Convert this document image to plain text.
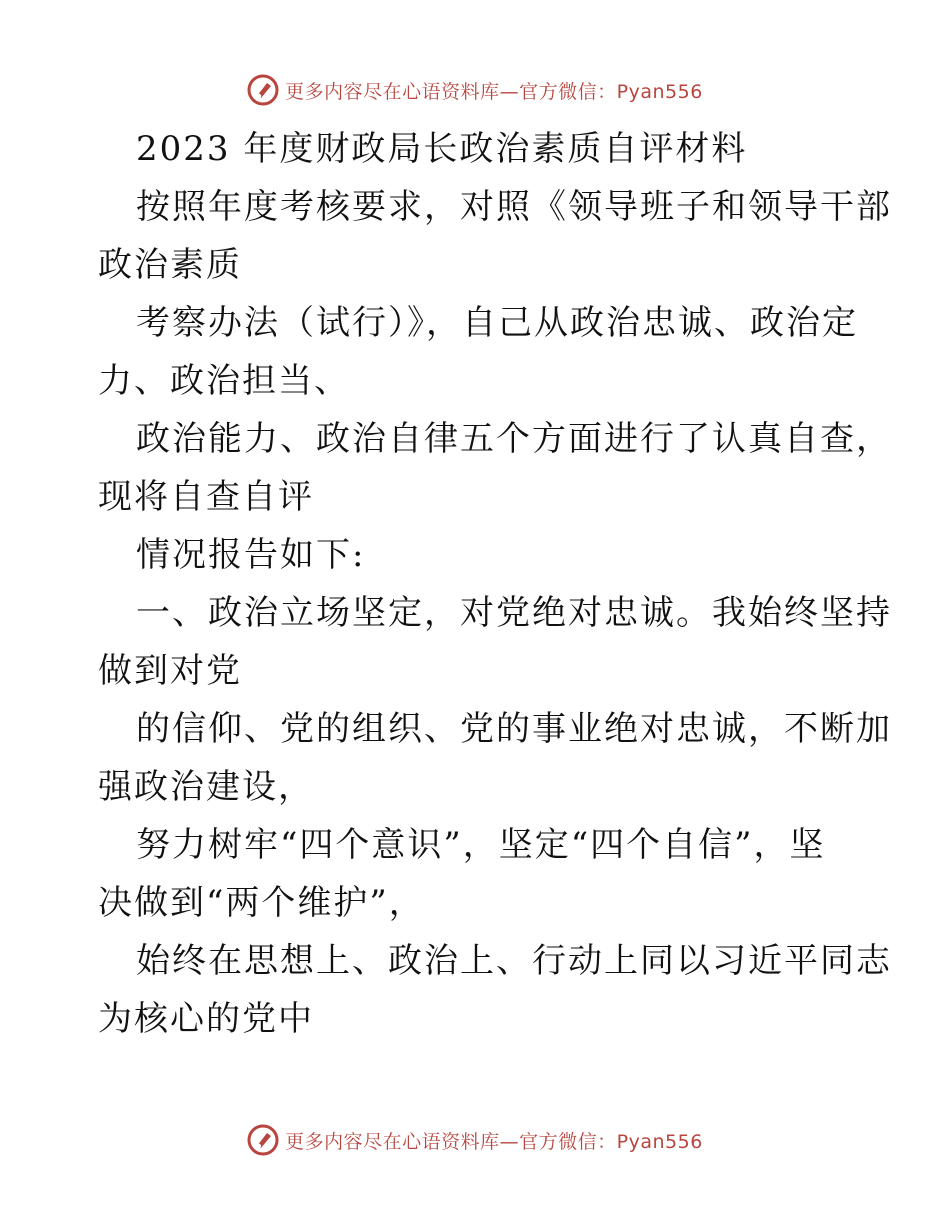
更多内容尽在心语资料库—官方微信：Pyan556
2023 年度财政局长政治素质自评材料
按照年度考核要求，对照《领导班子和领导干部
政治素质
考察办法（试行）》，自己从政治忠诚、政治定
力、政治担当、
政治能力、政治自律五个方面进行了认真自查，
现将自查自评
情况报告如下:
一、政治立场坚定，对党绝对忠诚。我始终坚持
做到对党
的信仰、党的组织、党的事业绝对忠诚，不断加
强政治建设，
努力树牢“四个意识”，坚定“四个自信”，坚
决做到“两个维护”，
始终在思想上、政治上、行动上同以习近平同志
为核心的党中
更多内容尽在心语资料库—官方微信：Pyan556
